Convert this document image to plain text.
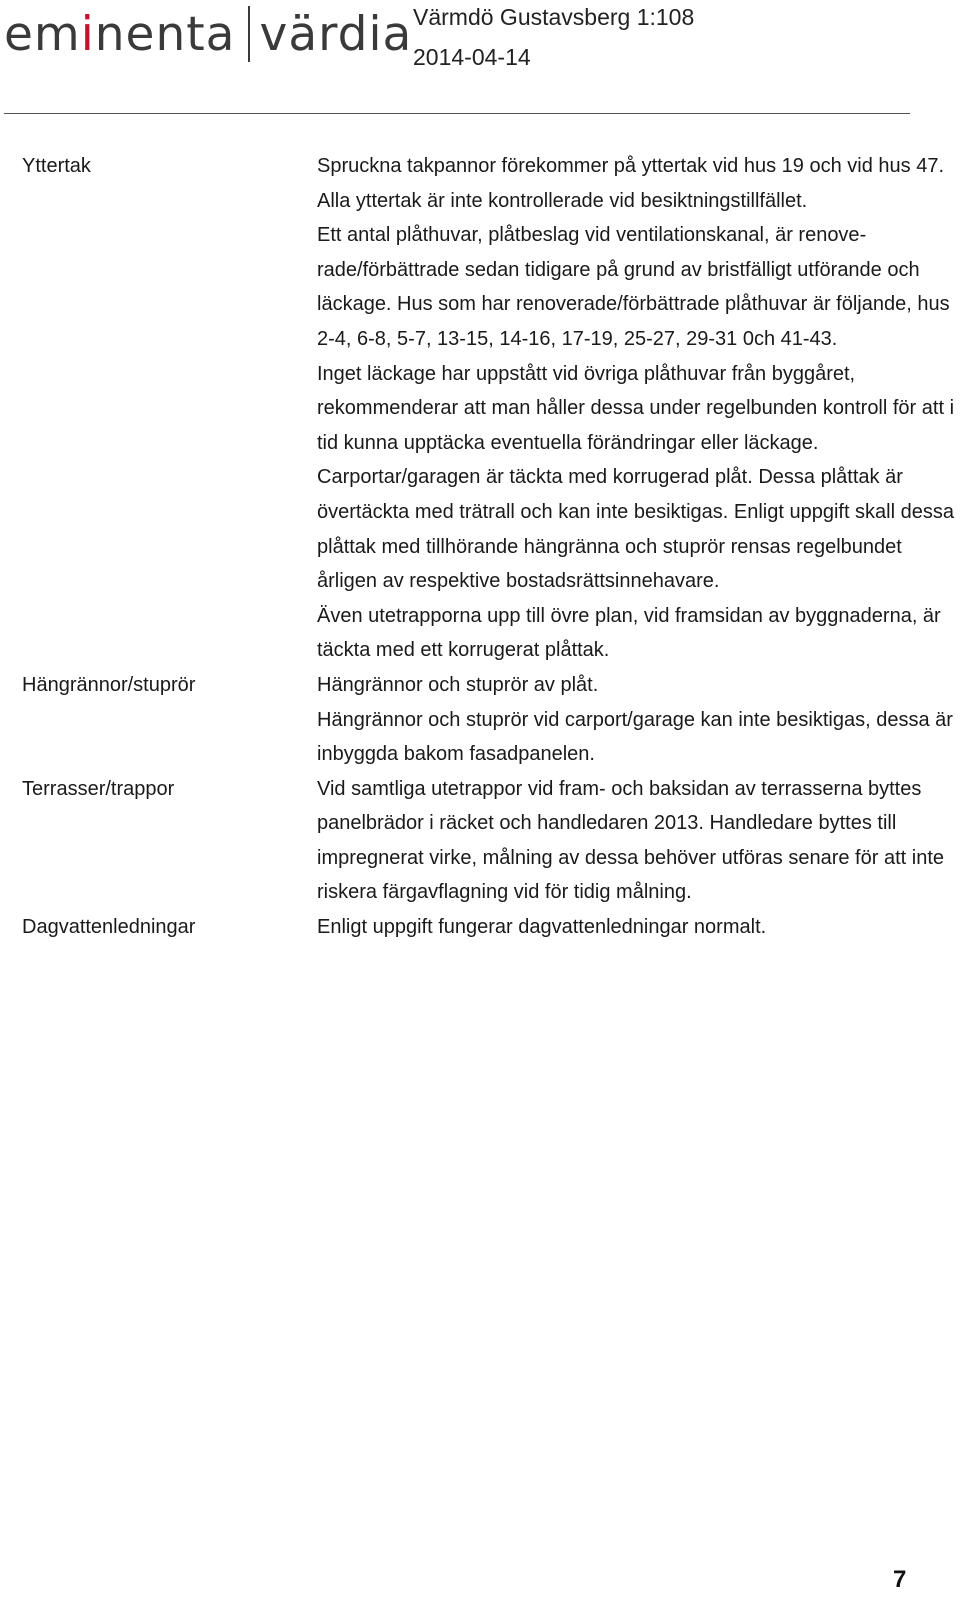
em i nenta värdia Värmdö Gustavsberg 1:108
2014-04-14
Yttertak	Spruckna takpannor förekommer på yttertak vid hus 19 och vid hus 47. Alla yttertak är inte kontrollerade vid besiktningstillfället.

Ett antal plåthuvar, plåtbeslag vid ventilationskanal, är renoverade/förbättrade sedan tidigare på grund av bristfälligt utförande och läckage. Hus som har renoverade/förbättrade plåthuvar är följande, hus 2-4, 6-8, 5-7, 13-15, 14-16, 17-19, 25-27, 29-31 0ch 41-43.

Inget läckage har uppstått vid övriga plåthuvar från byggåret, rekommenderar att man håller dessa under regelbunden kontroll för att i tid kunna upptäcka eventuella förändringar eller läckage.

Carportar/garagen är täckta med korrugerad plåt. Dessa plåttak är övertäckta med trätrall och kan inte besiktigas. Enligt uppgift skall dessa plåttak med tillhörande hängränna och stuprör rensas regelbundet årligen av respektive bostadsrättsinnehavare.

Även utetrapporna upp till övre plan, vid framsidan av byggnaderna, är täckta med ett korrugerat plåttak.

Hängrännor/stuprör	Hängrännor och stuprör av plåt.

Hängrännor och stuprör vid carport/garage kan inte besiktigas, dessa är inbyggda bakom fasadpanelen.

Terrasser/trappor	Vid samtliga utetrappor vid fram- och baksidan av terrasserna byttes panelbrädor i räcket och handledaren 2013. Handledare byttes till impregnerat virke, målning av dessa behöver utföras senare för att inte riskera färgavflagning vid för tidig målning.

Dagvattenledningar	Enligt uppgift fungerar dagvattenledningar normalt.

7
